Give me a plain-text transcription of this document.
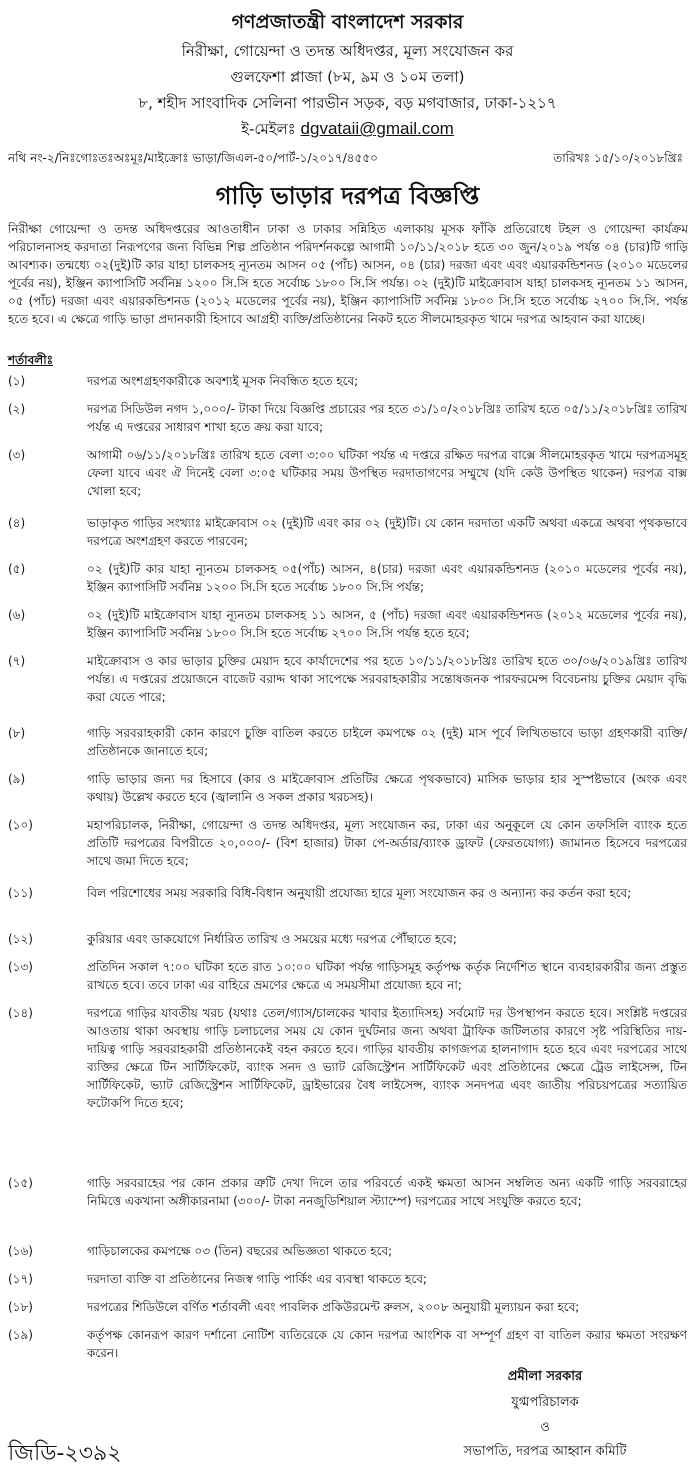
গণপ্রজাতন্ত্রী বাংলাদেশ সরকার
নিরীক্ষা, গোয়েন্দা ও তদন্ত অধিদপ্তর, মূল্য সংযোজন কর
গুলফেশা প্লাজা (৮ম, ৯ম ও ১০ম তলা)
৮, শহীদ সাংবাদিক সেলিনা পারভীন সড়ক, বড় মগবাজার, ঢাকা-১২১৭
ই-মেইলঃ dgvataii@gmail.com
নথি নং-২/নিঃগোঃতঃঅঃমূঃ/মাইক্রোঃ ভাড়া/জিএল-৫০/পার্ট-১/২০১৭/৪৫৫০	তারিখঃ ১৫/১০/২০১৮খ্রিঃ
গাড়ি ভাড়ার দরপত্র বিজ্ঞপ্তি
নিরীক্ষা গোয়েন্দা ও তদন্ত অধিদপ্তরের আওতাধীন ঢাকা ও ঢাকার সন্নিহিত এলাকায় মূসক ফাঁকি প্রতিরোধে টহল ও গোয়েন্দা কার্যক্রম পরিচালনাসহ করদাতা নিরূপণের জন্য বিভিন্ন শিল্প প্রতিষ্ঠান পরিদর্শনকল্পে আগামী ১০/১১/২০১৮ হতে ৩০ জুন/২০১৯ পর্যন্ত ০৪ (চার)টি গাড়ি আবশ্যক। তন্মধ্যে ০২(দুই)টি কার যাহা চালকসহ ন্যূনতম আসন ০৫ (পাঁচ) আসন, ০৪ (চার) দরজা এবং এবং এয়ারকন্ডিশনড (২০১০ মডেলের পূর্বের নয়), ইঞ্জিন ক্যাপাসিটি সর্বনিম্ন ১২০০ সি.সি হতে সর্বোচ্চ ১৮০০ সি.সি পর্যন্ত। ০২ (দুই)টি মাইক্রোবাস যাহা চালকসহ ন্যূনতম ১১ আসন, ০৫ (পাঁচ) দরজা এবং এয়ারকন্ডিশনড (২০১২ মডেলের পূর্বের নয়), ইঞ্জিন ক্যাপাসিটি সর্বনিম্ন ১৮০০ সি.সি হতে সর্বোচ্চ ২৭০০ সি.সি. পর্যন্ত হতে হবে। এ ক্ষেত্রে গাড়ি ভাড়া প্রদানকারী হিসাবে আগ্রহী ব্যক্তি/প্রতিষ্ঠানের নিকট হতে সীলমোহরকৃত খামে দরপত্র আহবান করা যাচ্ছে।
শর্তাবলীঃ
(১)	দরপত্র অংশগ্রহণকারীকে অবশ্যই মূসক নিবন্ধিত হতে হবে;
(২)	দরপত্র সিডিউল নগদ ১,০০০/- টাকা দিয়ে বিজ্ঞপ্তি প্রচারের পর হতে ৩১/১০/২০১৮খ্রিঃ তারিখ হতে ০৫/১১/২০১৮খ্রিঃ তারিখ পর্যন্ত এ দপ্তরের সাধারণ শাখা হতে ক্রয় করা যাবে;
(৩)	আগামী ০৬/১১/২০১৮খ্রিঃ তারিখ হতে বেলা ৩:০০ ঘটিকা পর্যন্ত এ দপ্তরে রক্ষিত দরপত্র বাক্সে সীলমোহরকৃত খামে দরপত্রসমূহ ফেলা যাবে এবং ঐ দিনেই বেলা ৩:০৫ ঘটিকার সময় উপস্থিত দরদাতাগণের সম্মুখে (যদি কেউ উপস্থিত থাকেন) দরপত্র বাক্স খোলা হবে;
(৪)	ভাড়াকৃত গাড়ির সংখ্যাঃ মাইক্রোবাস ০২ (দুই)টি এবং কার ০২ (দুই)টি। যে কোন দরদাতা একটি অথবা একত্রে অথবা পৃথকভাবে দরপত্রে অংশগ্রহণ করতে পারবেন;
(৫)	০২ (দুই)টি কার যাহা ন্যূনতম চালকসহ ০৫(পাঁচ) আসন, ৪(চার) দরজা এবং এয়ারকন্ডিশনড (২০১০ মডেলের পূর্বের নয়), ইঞ্জিন ক্যাপাসিটি সর্বনিম্ন ১২০০ সি.সি হতে সর্বোচ্চ ১৮০০ সি.সি পর্যন্ত;
(৬)	০২ (দুই)টি মাইক্রোবাস যাহা ন্যূনতম চালকসহ ১১ আসন, ৫ (পাঁচ) দরজা এবং এয়ারকন্ডিশনড (২০১২ মডেলের পূর্বের নয়), ইঞ্জিন ক্যাপাসিটি সর্বনিম্ন ১৮০০ সি.সি হতে সর্বোচ্চ ২৭০০ সি.সি পর্যন্ত হতে হবে;
(৭)	মাইক্রোবাস ও কার ভাড়ার চুক্তির মেয়াদ হবে কার্যাদেশের পর হতে ১০/১১/২০১৮খ্রিঃ তারিখ হতে ৩০/০৬/২০১৯খ্রিঃ তারিখ পর্যন্ত। এ দপ্তরের প্রয়োজনে বাজেট বরাদ্দ থাকা সাপেক্ষে সরবরাহকারীর সন্তোষজনক পারফরমেন্স বিবেচনায় চুক্তির মেয়াদ বৃদ্ধি করা যেতে পারে;
(৮)	গাড়ি সরবরাহকারী কোন কারণে চুক্তি বাতিল করতে চাইলে কমপক্ষে ০২ (দুই) মাস পূর্বে লিখিতভাবে ভাড়া গ্রহণকারী ব্যক্তি/প্রতিষ্ঠানকে জানাতে হবে;
(৯)	গাড়ি ভাড়ার জন্য দর হিসাবে (কার ও মাইক্রোবাস প্রতিটির ক্ষেত্রে পৃথকভাবে) মাসিক ভাড়ার হার সুস্পষ্টভাবে (অংক এবং কথায়) উল্লেখ করতে হবে (জ্বালানি ও সকল প্রকার খরচসহ)।
(১০)	মহাপরিচালক, নিরীক্ষা, গোয়েন্দা ও তদন্ত অধিদপ্তর, মূল্য সংযোজন কর, ঢাকা এর অনুকূলে যে কোন তফসিলি ব্যাংক হতে প্রতিটি দরপত্রের বিপরীতে ২০,০০০/- (বিশ হাজার) টাকা পে-অর্ডার/ব্যাংক ড্রাফট (ফেরতযোগ্য) জামানত হিসেবে দরপত্রের সাথে জমা দিতে হবে;
(১১)	বিল পরিশোধের সময় সরকারি বিধি-বিধান অনুযায়ী প্রযোজ্য হারে মূল্য সংযোজন কর ও অন্যান্য কর কর্তন করা হবে;
(১২)	কুরিয়ার এবং ডাকযোগে নির্ধারিত তারিখ ও সময়ের মধ্যে দরপত্র পৌঁছাতে হবে;
(১৩)	প্রতিদিন সকাল ৭:০০ ঘটিকা হতে রাত ১০:০০ ঘটিকা পর্যন্ত গাড়িসমূহ কর্তৃপক্ষ কর্তৃক নির্দেশিত স্থানে ব্যবহারকারীর জন্য প্রস্তুত রাখতে হবে। তবে ঢাকা এর বাহিরে ভ্রমণের ক্ষেত্রে এ সময়সীমা প্রযোজ্য হবে না;
(১৪)	দরপত্রে গাড়ির যাবতীয় খরচ (যথাঃ তেল/গ্যাস/চালকের খাবার ইত্যাদিসহ) সর্বমোট দর উপস্থাপন করতে হবে। সংশ্লিষ্ট দপ্তরের আওতায় থাকা অবস্থায় গাড়ি চলাচলের সময় যে কোন দুর্ঘটনার জন্য অথবা ট্রাফিক জটিলতার কারণে সৃষ্ট পরিস্থিতির দায়-দায়িত্ব গাড়ি সরবরাহকারী প্রতিষ্ঠানকেই বহন করতে হবে। গাড়ির যাবতীয় কাগজপত্র হালনাগাদ হতে হবে এবং দরপত্রের সাথে ব্যক্তির ক্ষেত্রে টিন সার্টিফিকেট, ব্যাংক সনদ ও ভ্যাট রেজিস্ট্রেশন সার্টিফিকেট এবং প্রতিষ্ঠানের ক্ষেত্রে ট্রেড লাইসেন্স, টিন সার্টিফিকেট, ভ্যাট রেজিস্ট্রেশন সার্টিফিকেট, ড্রাইভারের বৈধ লাইসেন্স, ব্যাংক সনদপত্র এবং জাতীয় পরিচয়পত্রের সত্যায়িত ফটোকপি দিতে হবে;
(১৫)	গাড়ি সরবরাহের পর কোন প্রকার ত্রুটি দেখা দিলে তার পরিবর্তে একই ক্ষমতা আসন সম্বলিত অন্য একটি গাড়ি সরবরাহের নিমিত্তে একখানা অঙ্গীকারনামা (৩০০/- টাকা ননজুডিশিয়াল স্ট্যাম্পে) দরপত্রের সাথে সংযুক্তি করতে হবে;
(১৬)	গাড়িচালকের কমপক্ষে ০৩ (তিন) বছরের অভিজ্ঞতা থাকতে হবে;
(১৭)	দরদাতা ব্যক্তি বা প্রতিষ্ঠানের নিজস্ব গাড়ি পার্কিং এর ব্যবস্থা থাকতে হবে;
(১৮)	দরপত্রের শিডিউলে বর্ণিত শর্তাবলী এবং পাবলিক প্রকিউরমেন্ট রুলস, ২০০৮ অনুযায়ী মূল্যায়ন করা হবে;
(১৯)	কর্তৃপক্ষ কোনরূপ কারণ দর্শানো নোটিশ ব্যতিরেকে যে কোন দরপত্র আংশিক বা সম্পূর্ণ গ্রহণ বা বাতিল করার ক্ষমতা সংরক্ষণ করেন।
প্রমীলা সরকার
যুগ্মপরিচালক
ও
সভাপতি, দরপত্র আহ্বান কমিটি
জিডি-২৩৯২
